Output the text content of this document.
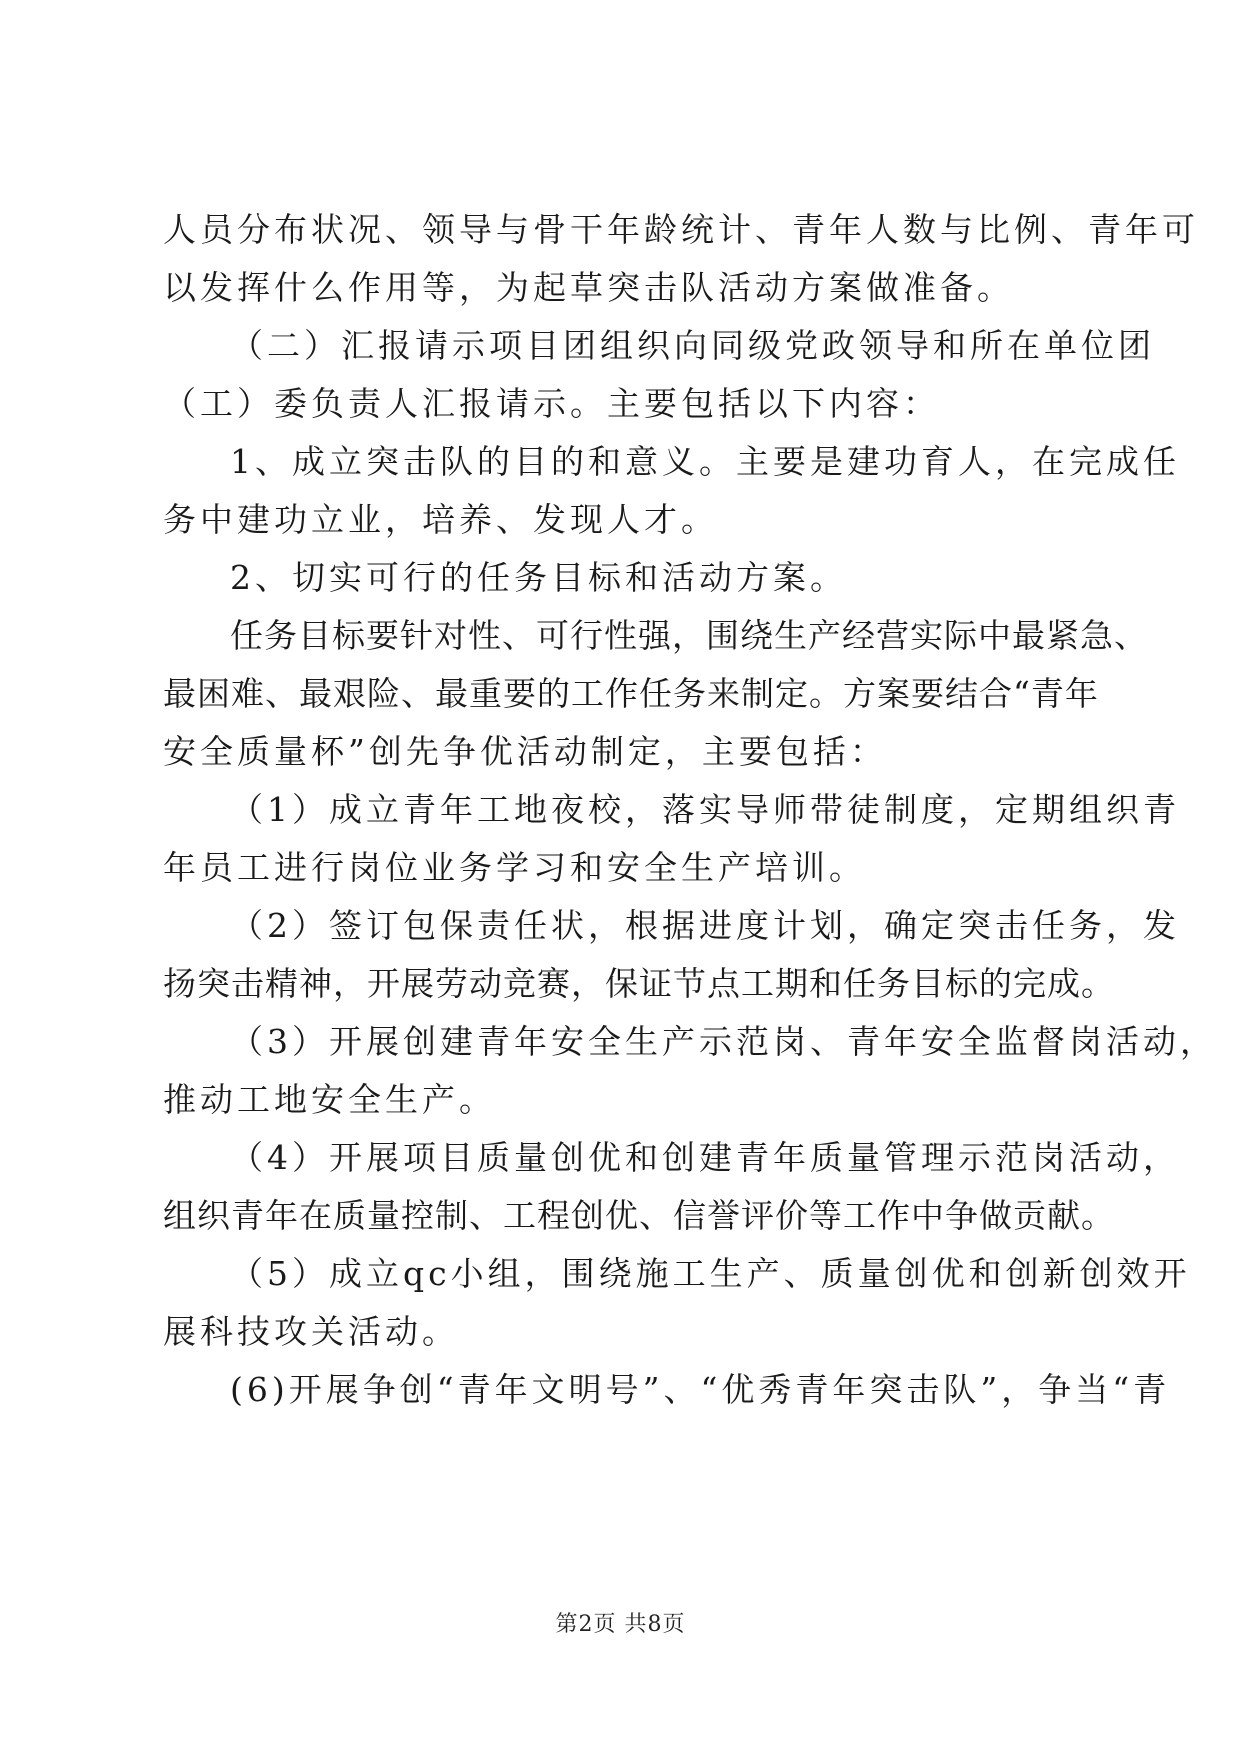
人员分布状况、领导与骨干年龄统计、青年人数与比例、青年可
以发挥什么作用等，为起草突击队活动方案做准备。
（二）汇报请示项目团组织向同级党政领导和所在单位团
（工）委负责人汇报请示。主要包括以下内容：
1、成立突击队的目的和意义。主要是建功育人，在完成任
务中建功立业，培养、发现人才。
2、切实可行的任务目标和活动方案。
任务目标要针对性、可行性强，围绕生产经营实际中最紧急、
最困难、最艰险、最重要的工作任务来制定。方案要结合“青年
安全质量杯”创先争优活动制定，主要包括：
（1）成立青年工地夜校，落实导师带徒制度，定期组织青
年员工进行岗位业务学习和安全生产培训。
（2）签订包保责任状，根据进度计划，确定突击任务，发
扬突击精神，开展劳动竞赛，保证节点工期和任务目标的完成。
（3）开展创建青年安全生产示范岗、青年安全监督岗活动，
推动工地安全生产。
（4）开展项目质量创优和创建青年质量管理示范岗活动，
组织青年在质量控制、工程创优、信誉评价等工作中争做贡献。
（5）成立qc小组，围绕施工生产、质量创优和创新创效开
展科技攻关活动。
(6)开展争创“青年文明号”、“优秀青年突击队”，争当“青
第2页 共8页
